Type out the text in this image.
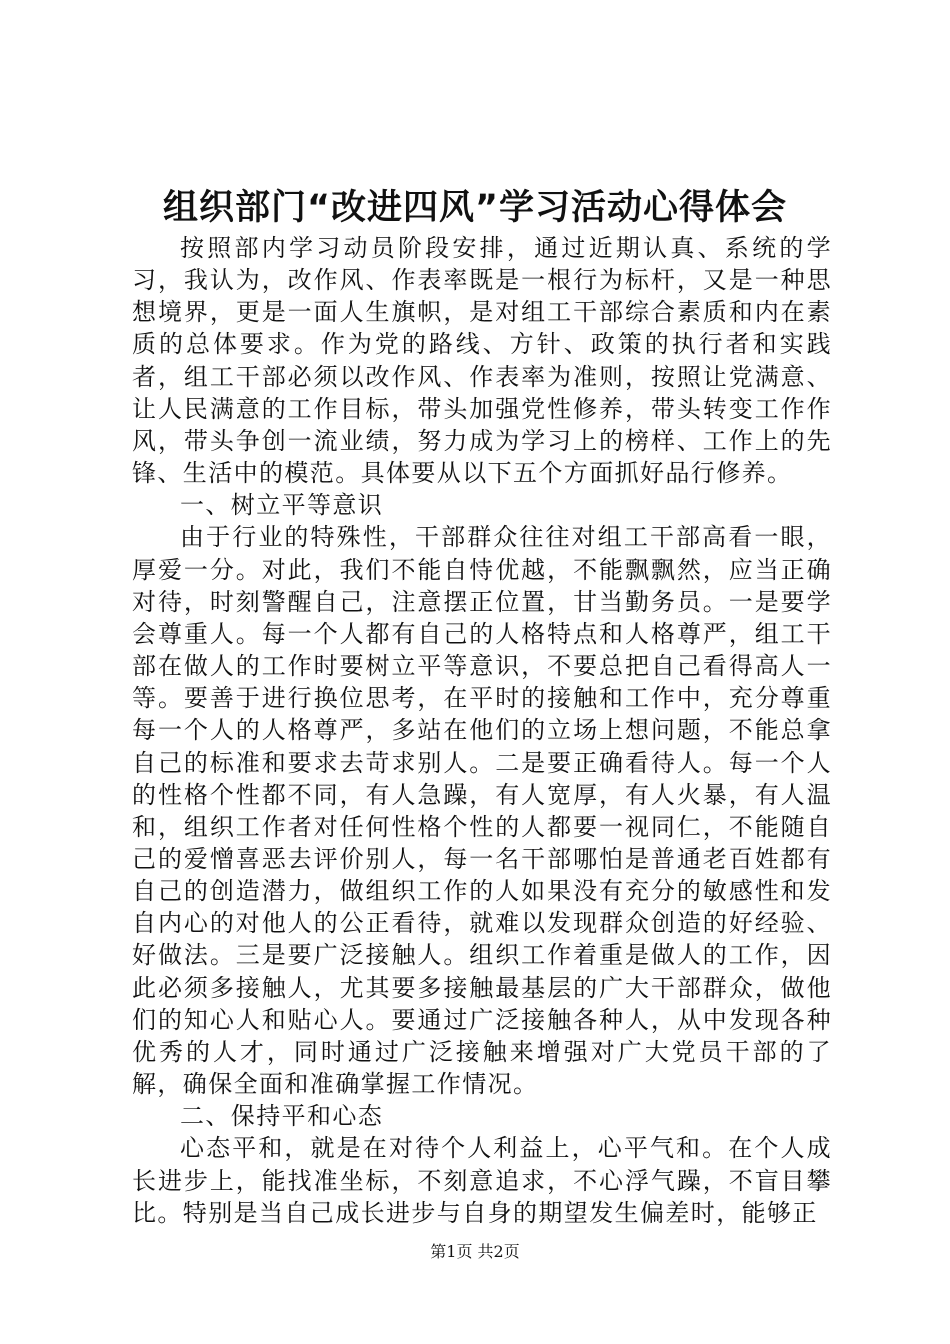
组织部门“改进四风”学习活动心得体会

按照部内学习动员阶段安排，通过近期认真、系统的学习，我认为，改作风、作表率既是一根行为标杆，又是一种思想境界，更是一面人生旗帜，是对组工干部综合素质和内在素质的总体要求。作为党的路线、方针、政策的执行者和实践者，组工干部必须以改作风、作表率为准则，按照让党满意、让人民满意的工作目标，带头加强党性修养，带头转变工作作风，带头争创一流业绩，努力成为学习上的榜样、工作上的先锋、生活中的模范。具体要从以下五个方面抓好品行修养。

一、树立平等意识

由于行业的特殊性，干部群众往往对组工干部高看一眼，厚爱一分。对此，我们不能自恃优越，不能飘飘然，应当正确对待，时刻警醒自己，注意摆正位置，甘当勤务员。一是要学会尊重人。每一个人都有自己的人格特点和人格尊严，组工干部在做人的工作时要树立平等意识，不要总把自己看得高人一等。要善于进行换位思考，在平时的接触和工作中，充分尊重每一个人的人格尊严，多站在他们的立场上想问题，不能总拿自己的标准和要求去苛求别人。二是要正确看待人。每一个人的性格个性都不同，有人急躁，有人宽厚，有人火暴，有人温和，组织工作者对任何性格个性的人都要一视同仁，不能随自己的爱憎喜恶去评价别人，每一名干部哪怕是普通老百姓都有自己的创造潜力，做组织工作的人如果没有充分的敏感性和发自内心的对他人的公正看待，就难以发现群众创造的好经验、好做法。三是要广泛接触人。组织工作着重是做人的工作，因此必须多接触人，尤其要多接触最基层的广大干部群众，做他们的知心人和贴心人。要通过广泛接触各种人，从中发现各种优秀的人才，同时通过广泛接触来增强对广大党员干部的了解，确保全面和准确掌握工作情况。

二、保持平和心态

心态平和，就是在对待个人利益上，心平气和。在个人成长进步上，能找准坐标，不刻意追求，不心浮气躁，不盲目攀比。特别是当自己成长进步与自身的期望发生偏差时，能够正

第1页 共2页
